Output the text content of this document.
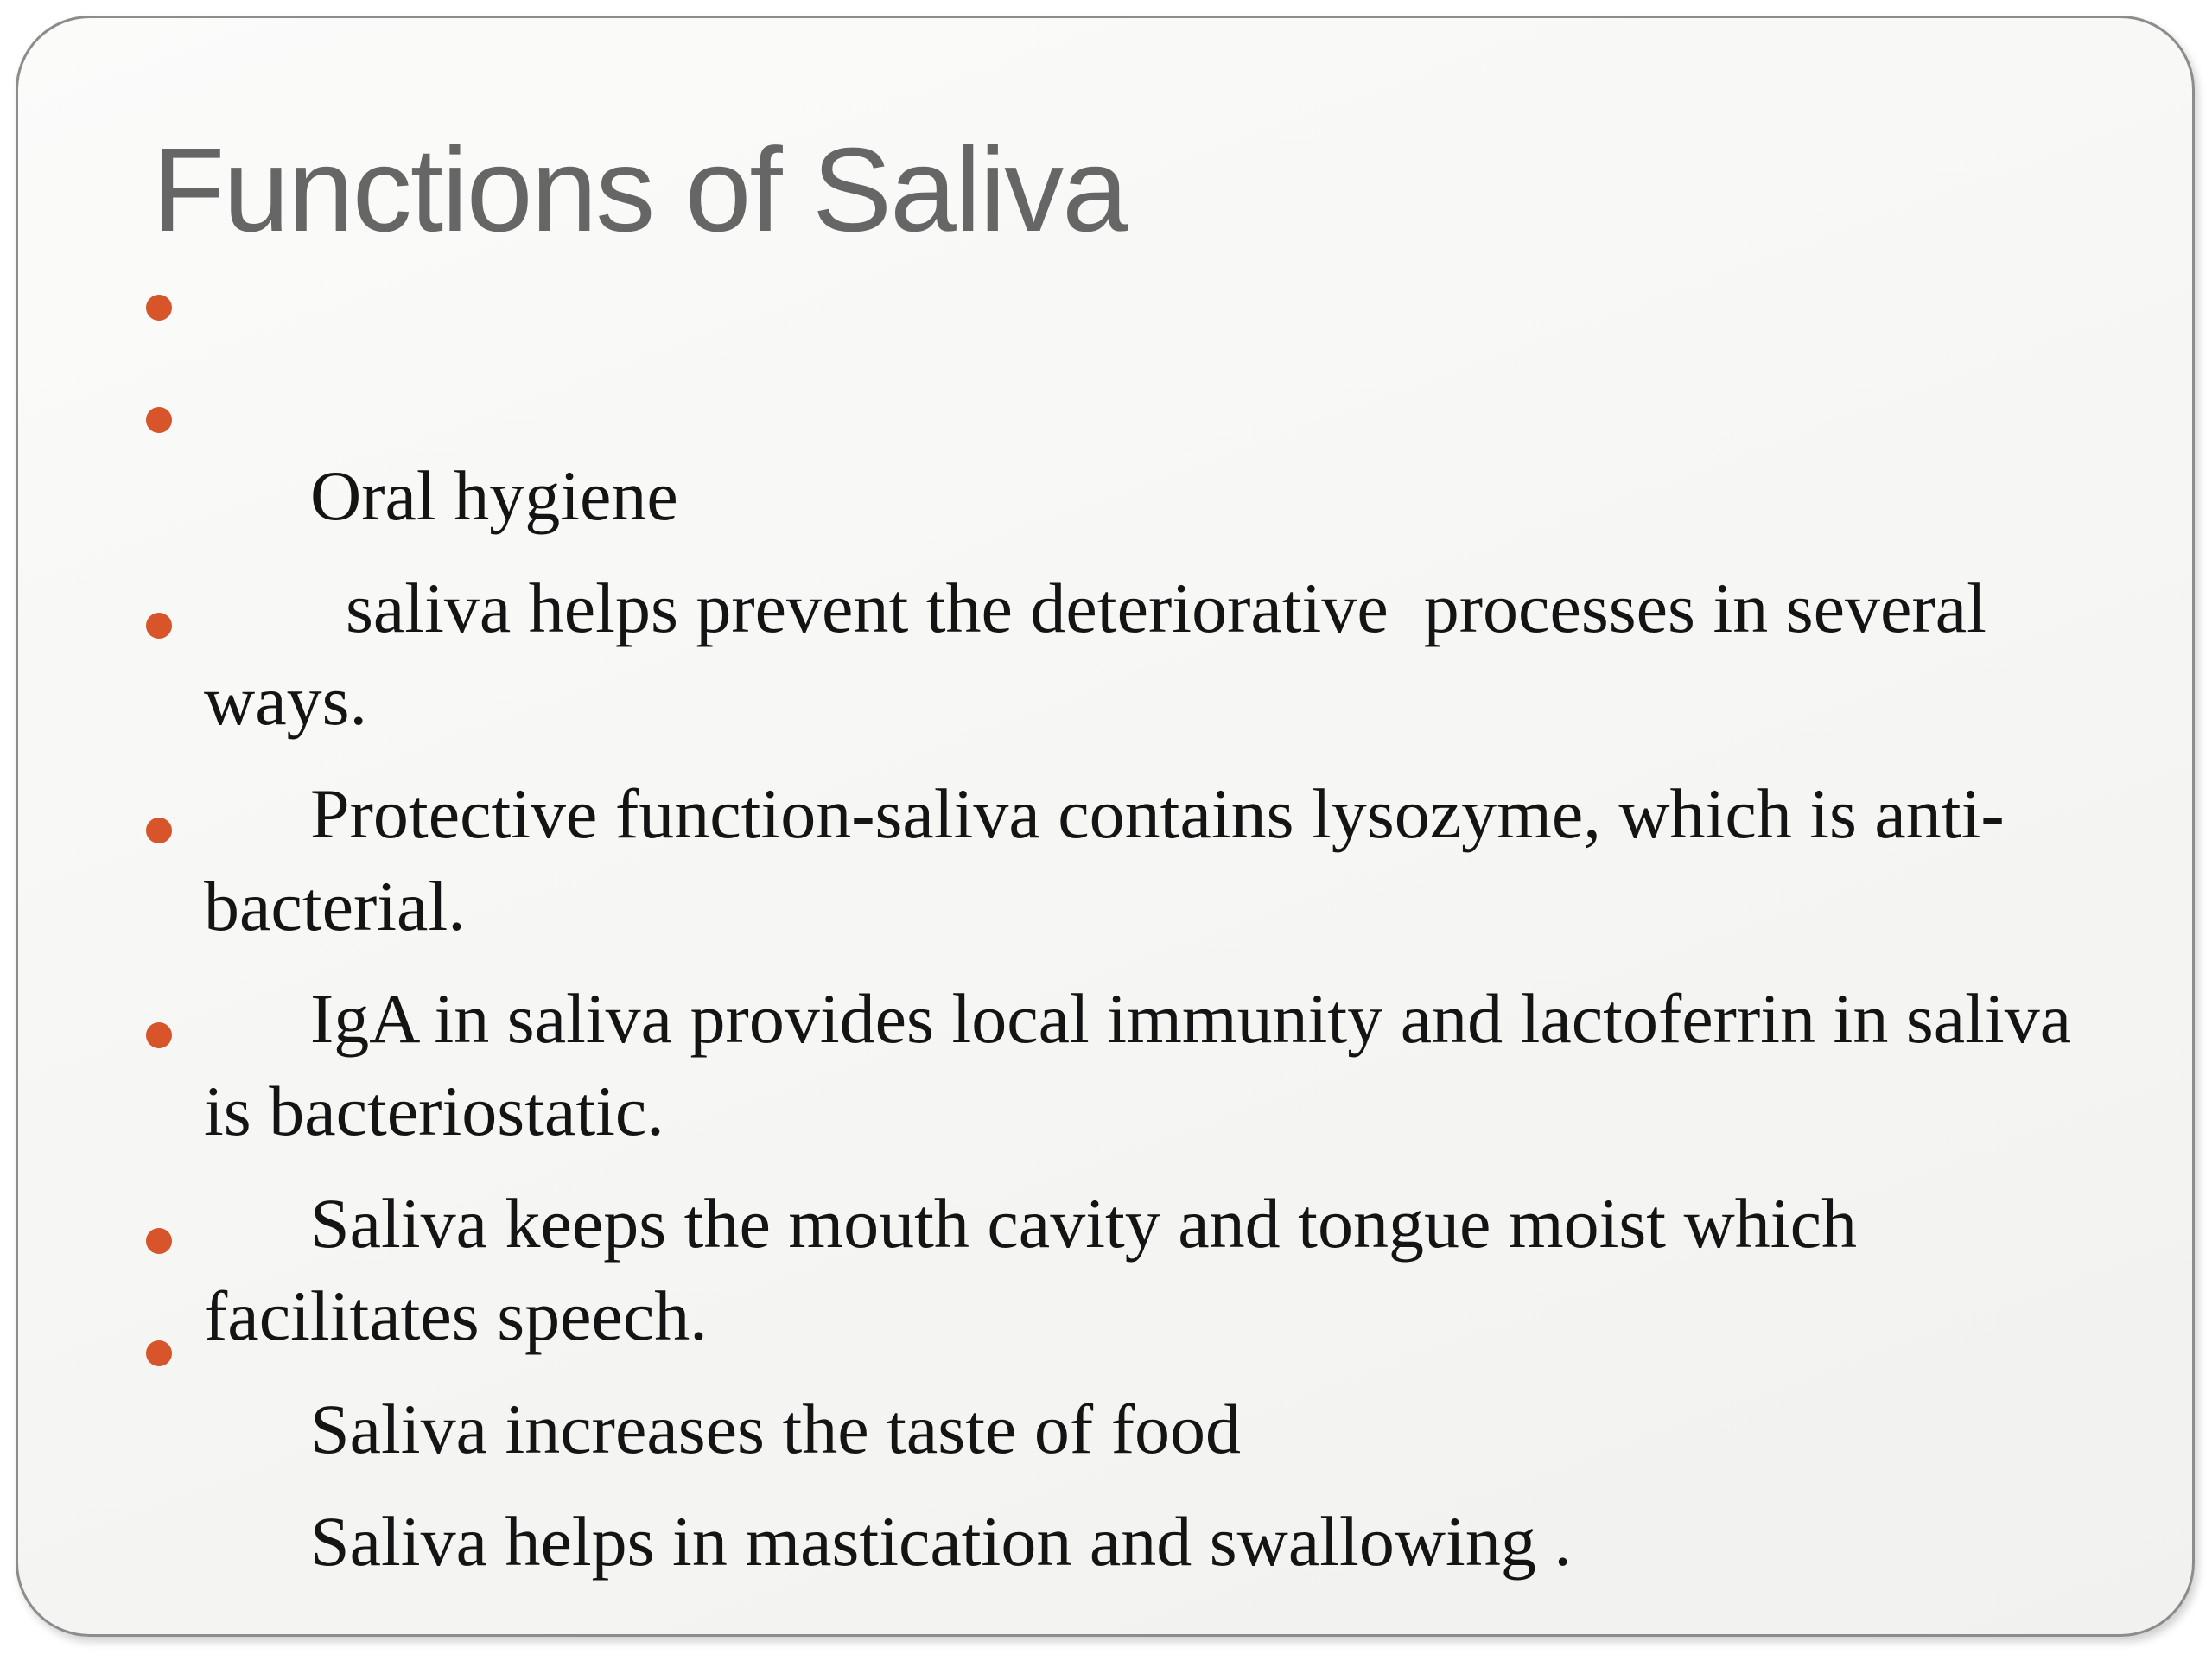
Functions of Saliva

Oral hygiene

saliva helps prevent the deteriorative  processes in several ways.

Protective function-saliva contains lysozyme, which is anti-bacterial.

IgA in saliva provides local immunity and lactoferrin in saliva is bacteriostatic.

Saliva keeps the mouth cavity and tongue moist which facilitates speech.

Saliva increases the taste of food

Saliva helps in mastication and swallowing .
